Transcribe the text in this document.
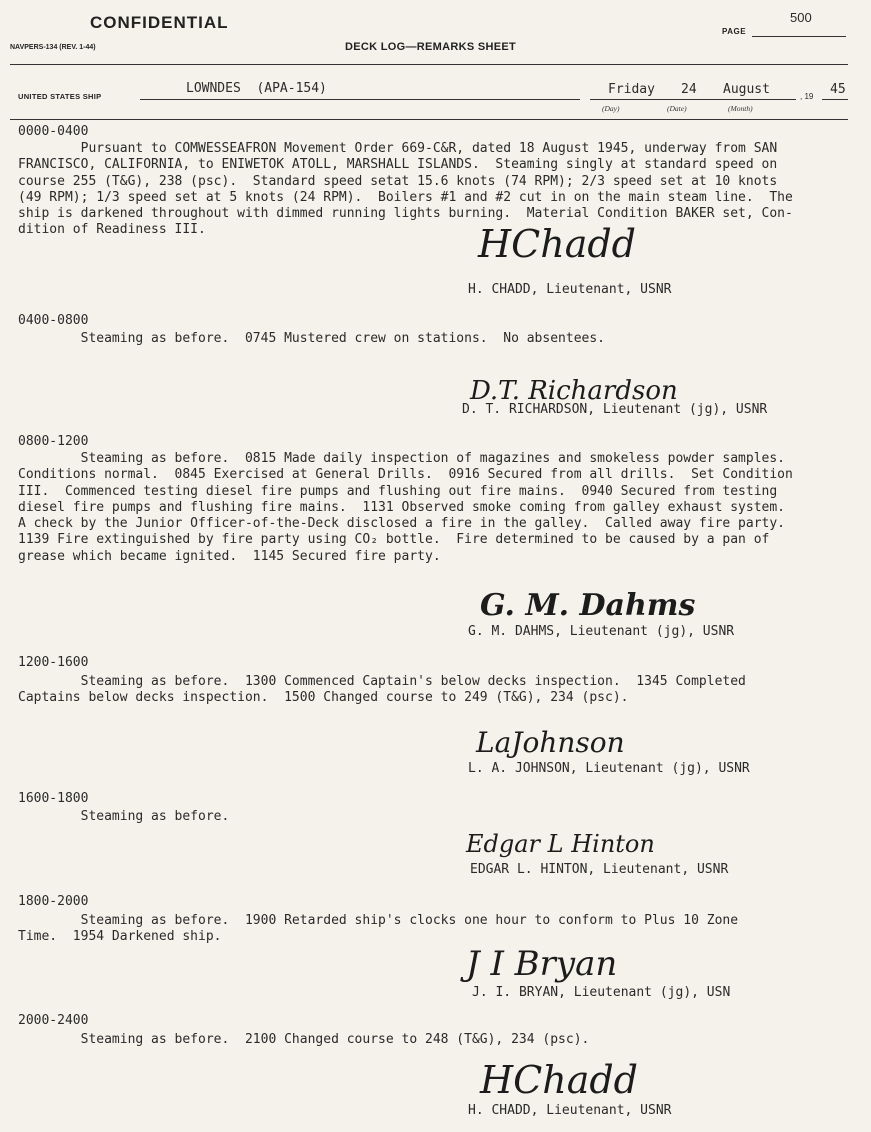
CONFIDENTIAL
NAVPERS-134 (REV. 1-44)	DECK LOG—REMARKS SHEET
PAGE
500
UNITED STATES SHIP
LOWNDES  (APA-154)	Friday 24 August	, 19 45
(Day)	(Date)	(Month)
0000-0400
Pursuant to COMWESSEAFRON Movement Order 669-C&R, dated 18 August 1945, underway from SAN
FRANCISCO, CALIFORNIA, to ENIWETOK ATOLL, MARSHALL ISLANDS.  Steaming singly at standard speed on
course 255 (T&G), 238 (psc).  Standard speed setat 15.6 knots (74 RPM); 2/3 speed set at 10 knots
(49 RPM); 1/3 speed set at 5 knots (24 RPM).  Boilers #1 and #2 cut in on the main steam line.  The
ship is darkened throughout with dimmed running lights burning.  Material Condition BAKER set, Con-
dition of Readiness III.	HChadd
H. CHADD, Lieutenant, USNR
0400-0800
Steaming as before.  0745 Mustered crew on stations.  No absentees.
D.T. Richardson
D. T. RICHARDSON, Lieutenant (jg), USNR
0800-1200
Steaming as before.  0815 Made daily inspection of magazines and smokeless powder samples.
Conditions normal.  0845 Exercised at General Drills.  0916 Secured from all drills.  Set Condition
III.  Commenced testing diesel fire pumps and flushing out fire mains.  0940 Secured from testing
diesel fire pumps and flushing fire mains.  1131 Observed smoke coming from galley exhaust system.
A check by the Junior Officer-of-the-Deck disclosed a fire in the galley.  Called away fire party.
1139 Fire extinguished by fire party using CO₂ bottle.  Fire determined to be caused by a pan of
grease which became ignited.  1145 Secured fire party.
G. M. Dahms
G. M. DAHMS, Lieutenant (jg), USNR
1200-1600
Steaming as before.  1300 Commenced Captain's below decks inspection.  1345 Completed
Captains below decks inspection.  1500 Changed course to 249 (T&G), 234 (psc).
LaJohnson
L. A. JOHNSON, Lieutenant (jg), USNR
1600-1800
Steaming as before.
Edgar L Hinton
EDGAR L. HINTON, Lieutenant, USNR
1800-2000
Steaming as before.  1900 Retarded ship's clocks one hour to conform to Plus 10 Zone
Time.  1954 Darkened ship.
J I Bryan
J. I. BRYAN, Lieutenant (jg), USN
2000-2400
Steaming as before.  2100 Changed course to 248 (T&G), 234 (psc).
HChadd
H. CHADD, Lieutenant, USNR
